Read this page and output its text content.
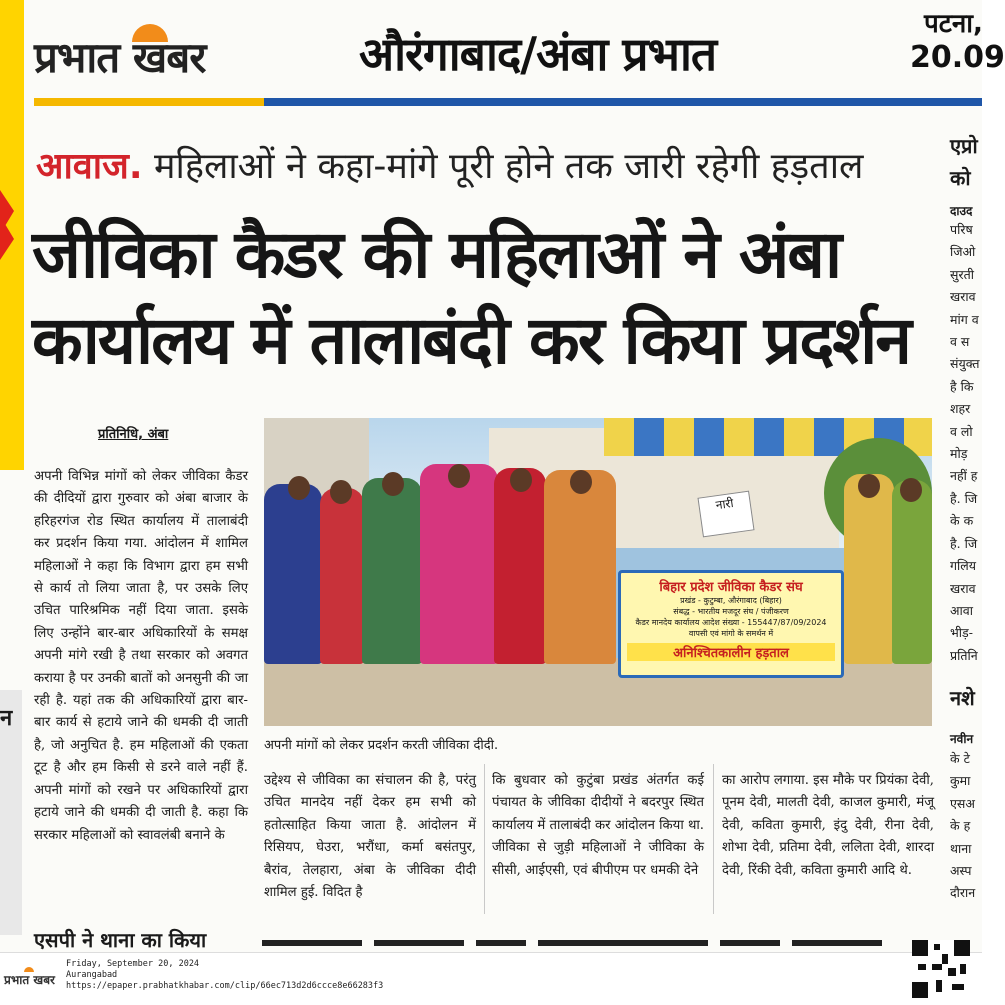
न
प्रभात खबर	औरंगाबाद/अंबा प्रभात
पटना,
20.09
आवाज. महिलाओं ने कहा-मांगे पूरी होने तक जारी रहेगी हड़ताल
जीविका कैडर की महिलाओं ने अंबा कार्यालय में तालाबंदी कर किया प्रदर्शन
प्रतिनिधि, अंबा
अपनी विभिन्न मांगों को लेकर जीविका कैडर की दीदियों द्वारा गुरुवार को अंबा बाजार के हरिहरगंज रोड स्थित कार्यालय में तालाबंदी कर प्रदर्शन किया गया. आंदोलन में शामिल महिलाओं ने कहा कि विभाग द्वारा हम सभी से कार्य तो लिया जाता है, पर उसके लिए उचित पारिश्रमिक नहीं दिया जाता. इसके लिए उन्होंने बार-बार अधिकारियों के समक्ष अपनी मांगे रखी है तथा सरकार को अवगत कराया है पर उनकी बातों को अनसुनी की जा रही है. यहां तक की अधिकारियों द्वारा बार-बार कार्य से हटाये जाने की धमकी दी जाती है, जो अनुचित है. हम महिलाओं की एकता टूट है और हम किसी से डरने वाले नहीं हैं. अपनी मांगों को रखने पर अधिकारियों द्वारा हटाये जाने की धमकी दी जाती है. कहा कि सरकार महिलाओं को स्वावलंबी बनाने के
नारी
बिहार प्रदेश जीविका कैडर संघ
प्रखंड - कुटुम्बा, औरंगाबाद (बिहार)
संबद्ध - भारतीय मजदूर संघ / पंजीकरण
कैडर मानदेय कार्यालय आदेश संख्या - 155447/87/09/2024
वापसी एवं मांगो के समर्थन में
अनिश्चितकालीन हड़ताल
अपनी मांगों को लेकर प्रदर्शन करती जीविका दीदी.
उद्देश्य से जीविका का संचालन की है, परंतु उचित मानदेय नहीं देकर हम सभी को हतोत्साहित किया जाता है. आंदोलन में रिसियप, घेउरा, भरौंधा, कर्मा बसंतपुर, बैरांव, तेलहारा, अंबा के जीविका दीदी शामिल हुई. विदित है
कि बुधवार को कुटुंबा प्रखंड अंतर्गत कई पंचायत के जीविका दीदीयों ने बदरपुर स्थित कार्यालय में तालाबंदी कर आंदोलन किया था. जीविका से जुड़ी महिलाओं ने जीविका के सीसी, आईएसी, एवं बीपीएम पर धमकी देने
का आरोप लगाया. इस मौके पर प्रियंका देवी, पूनम देवी, मालती देवी, काजल कुमारी, मंजू देवी, कविता कुमारी, इंदु देवी, रीना देवी, शोभा देवी, प्रतिमा देवी, ललिता देवी, शारदा देवी, रिंकी देवी, कविता कुमारी आदि थे.
एसपी ने थाना का किया
एप्रो
को
दाउद
परिष
जिओ
सुरती
खराव
मांग व
व स
संयुक्त
है कि
शहर
व लो
मोड़
नहीं ह
है. जि
के क
है. जि
गलिय
खराव
आवा
भीड़-
प्रतिनि
नशे
नवीन
के टे
कुमा
एसअ
के ह
थाना
अस्प
दौरान
प्रभात खबर
Friday, September 20, 2024
Aurangabad
https://epaper.prabhatkhabar.com/clip/66ec713d2d6ccce8e66283f3
